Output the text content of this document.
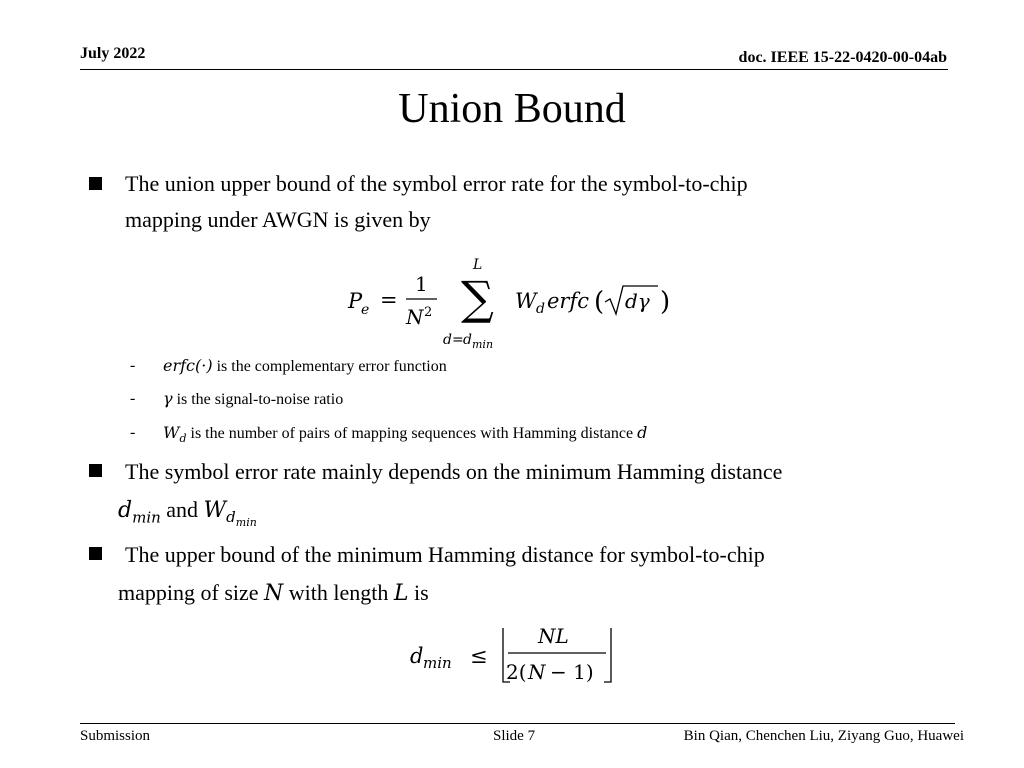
July 2022	doc. IEEE 15-22-0420-00-04ab
Union Bound
The union upper bound of the symbol error rate for the symbol-to-chip
mapping under AWGN is given by
P
e =
1
N 2
L
∑
d = d min
W d erfc ( dγ )
- erfc(·) is the complementary error function
- γ is the signal-to-noise ratio
- $W_d$ is the number of pairs of mapping sequences with Hamming distance d
The symbol error rate mainly depends on the minimum Hamming distance
$d_{min}$ and $W_{d_{min}}$
The upper bound of the minimum Hamming distance for symbol-to-chip
mapping of size N with length L is
d min ≤
NL
2( N − 1)
Submission	Slide 7	Bin Qian, Chenchen Liu, Ziyang Guo, Huawei
